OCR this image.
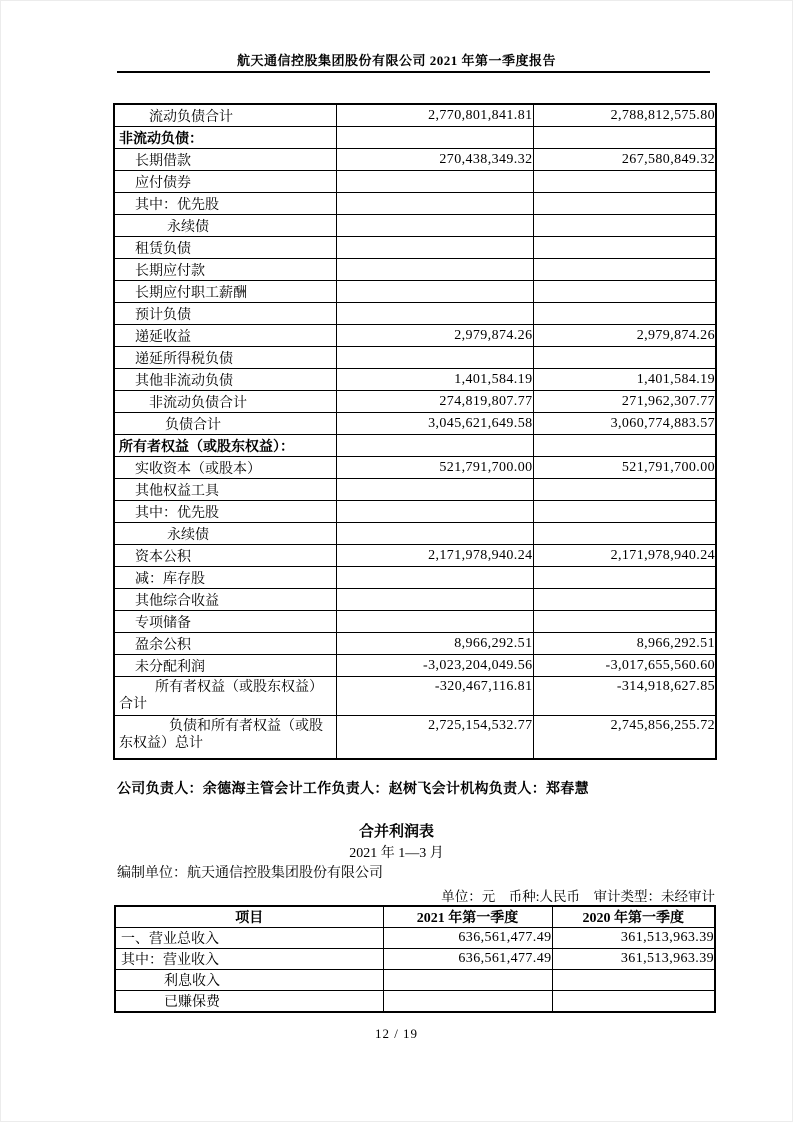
航天通信控股集团股份有限公司 2021 年第一季度报告
流动负债合计	2,770,801,841.81	2,788,812,575.80
非流动负债：		
长期借款	270,438,349.32	267,580,849.32
应付债券		
其中：优先股		
永续债		
租赁负债		
长期应付款		
长期应付职工薪酬		
预计负债		
递延收益	2,979,874.26	2,979,874.26
递延所得税负债		
其他非流动负债	1,401,584.19	1,401,584.19
非流动负债合计	274,819,807.77	271,962,307.77
负债合计	3,045,621,649.58	3,060,774,883.57
所有者权益（或股东权益）：		
实收资本（或股本）	521,791,700.00	521,791,700.00
其他权益工具		
其中：优先股		
永续债		
资本公积	2,171,978,940.24	2,171,978,940.24
减：库存股		
其他综合收益		
专项储备		
盈余公积	8,966,292.51	8,966,292.51
未分配利润	-3,023,204,049.56	-3,017,655,560.60
所有者权益（或股东权益）合计	-320,467,116.81	-314,918,627.85
负债和所有者权益（或股东权益）总计	2,725,154,532.77	2,745,856,255.72
公司负责人：余德海主管会计工作负责人：赵树飞会计机构负责人：郑春慧
合并利润表
2021 年 1—3 月
编制单位：航天通信控股集团股份有限公司
单位：元　币种:人民币　审计类型：未经审计
项目	2021 年第一季度	2020 年第一季度
一、营业总收入	636,561,477.49	361,513,963.39
其中：营业收入	636,561,477.49	361,513,963.39
利息收入		
已赚保费		
12 / 19
